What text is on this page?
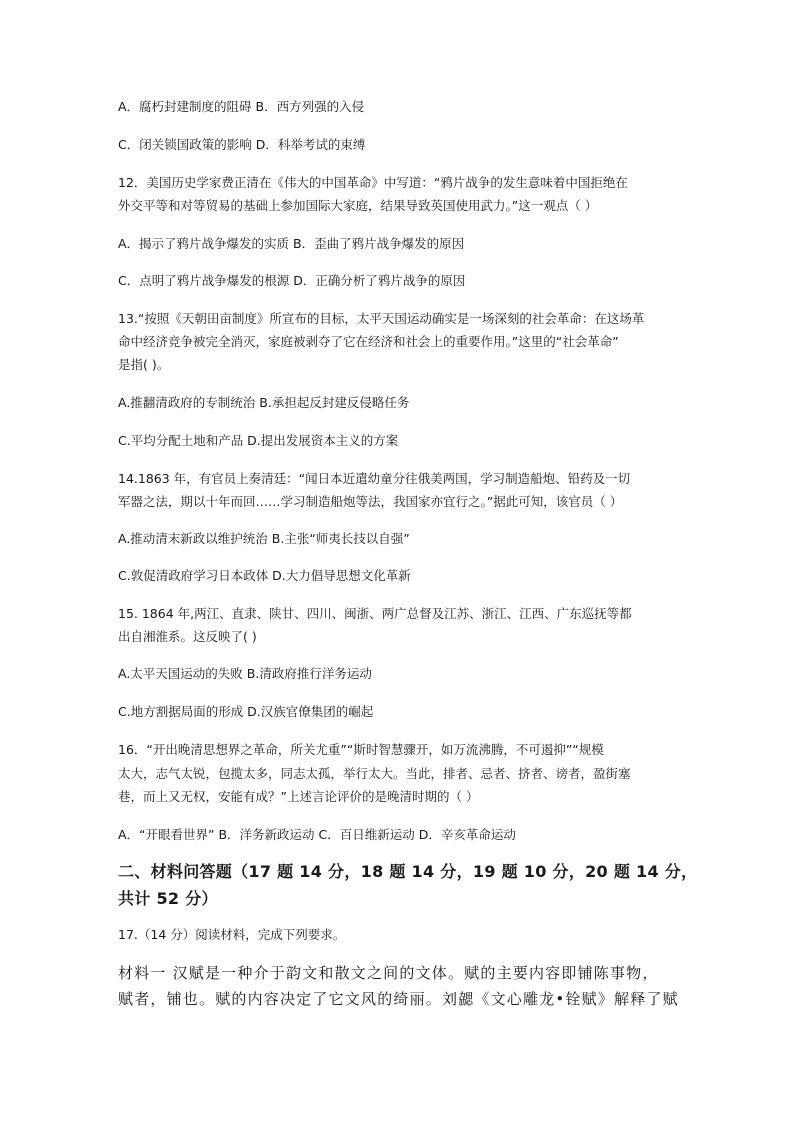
A．腐朽封建制度的阻碍 B．西方列强的入侵
C．闭关锁国政策的影响 D．科举考试的束缚
12．美国历史学家费正清在《伟大的中国革命》中写道：“鸦片战争的发生意味着中国拒绝在
外交平等和对等贸易的基础上参加国际大家庭，结果导致英国使用武力。”这一观点（ ）
A．揭示了鸦片战争爆发的实质 B．歪曲了鸦片战争爆发的原因
C．点明了鸦片战争爆发的根源 D．正确分析了鸦片战争的原因
13.“按照《天朝田亩制度》所宣布的目标，太平天国运动确实是一场深刻的社会革命：在这场革
命中经济竞争被完全消灭，家庭被剥夺了它在经济和社会上的重要作用。”这里的“社会革命”
是指( )。
A.推翻清政府的专制统治 B.承担起反封建反侵略任务
C.平均分配土地和产品 D.提出发展资本主义的方案
14.1863 年，有官员上奏清廷：“闻日本近遣幼童分往俄美两国，学习制造船炮、铅药及一切
军器之法，期以十年而回……学习制造船炮等法，我国家亦宜行之。”据此可知，该官员（ ）
A.推动清末新政以维护统治 B.主张“师夷长技以自强”
C.敦促清政府学习日本政体 D.大力倡导思想文化革新
15. 1864 年,两江、直隶、陕甘、四川、闽浙、两广总督及江苏、浙江、江西、广东巡抚等都
出自湘淮系。这反映了( )
A.太平天国运动的失败 B.清政府推行洋务运动
C.地方割据局面的形成 D.汉族官僚集团的崛起
16．“开出晚清思想界之革命，所关尤重”“斯时智慧骤开，如万流沸腾，不可遏抑”“规模
太大，志气太锐，包揽太多，同志太孤，举行太大。当此，排者、忌者、挤者、谤者，盈街塞
巷，而上又无权，安能有成？”上述言论评价的是晚清时期的（ ）
A．“开眼看世界” B．洋务新政运动 C．百日维新运动 D．辛亥革命运动
二、材料问答题（17 题 14 分，18 题 14 分，19 题 10 分，20 题 14 分，
共计 52 分）
17.（14 分）阅读材料，完成下列要求。
材料一 汉赋是一种介于韵文和散文之间的文体。赋的主要内容即铺陈事物，
赋者，铺也。赋的内容决定了它文风的绮丽。刘勰《文心雕龙•铨赋》解释了赋
